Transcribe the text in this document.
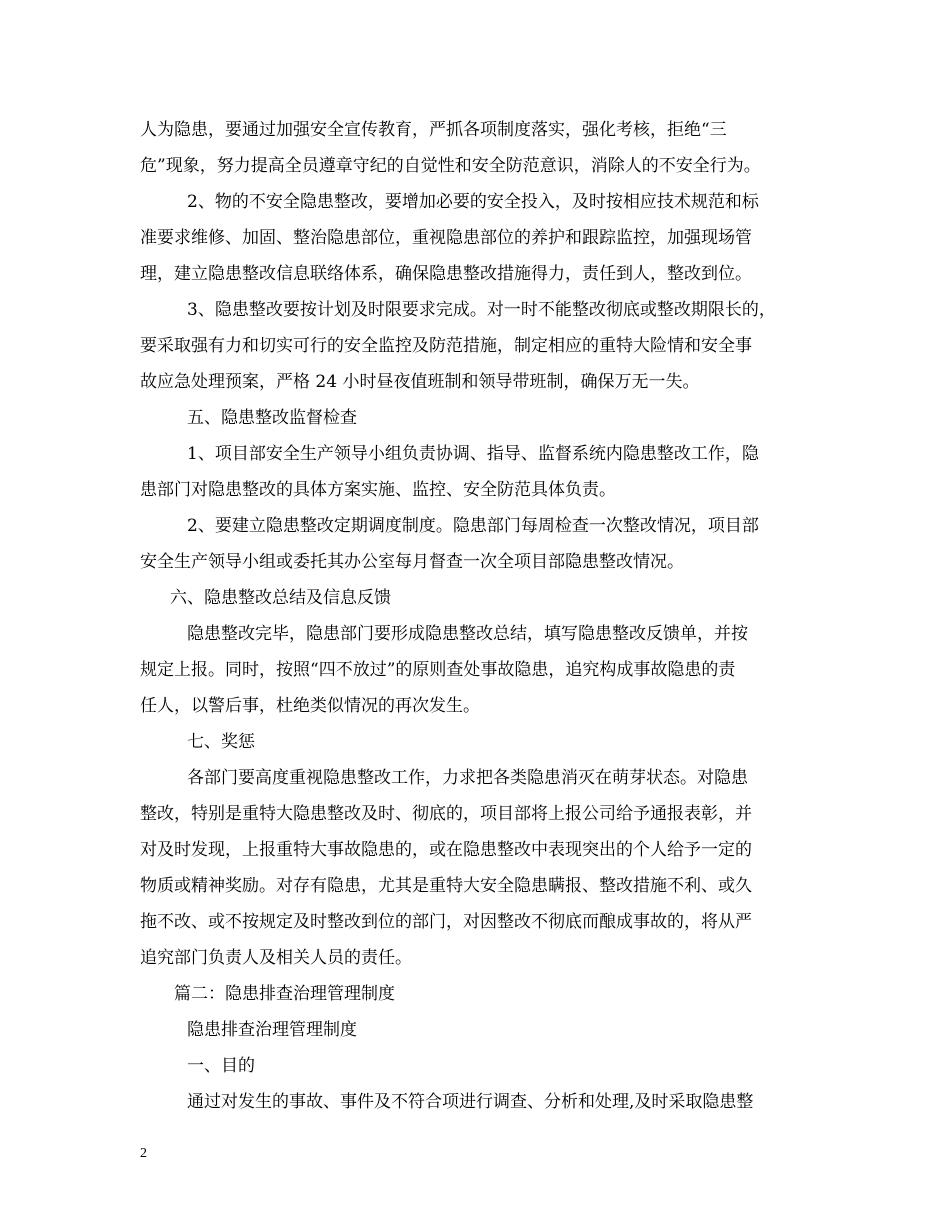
人为隐患，要通过加强安全宣传教育，严抓各项制度落实，强化考核，拒绝“三
危”现象，努力提高全员遵章守纪的自觉性和安全防范意识，消除人的不安全行为。
2、物的不安全隐患整改，要增加必要的安全投入，及时按相应技术规范和标
准要求维修、加固、整治隐患部位，重视隐患部位的养护和跟踪监控，加强现场管
理，建立隐患整改信息联络体系，确保隐患整改措施得力，责任到人，整改到位。
3、隐患整改要按计划及时限要求完成。对一时不能整改彻底或整改期限长的，
要采取强有力和切实可行的安全监控及防范措施，制定相应的重特大险情和安全事
故应急处理预案，严格 24 小时昼夜值班制和领导带班制，确保万无一失。
五、隐患整改监督检查
1、项目部安全生产领导小组负责协调、指导、监督系统内隐患整改工作，隐
患部门对隐患整改的具体方案实施、监控、安全防范具体负责。
2、要建立隐患整改定期调度制度。隐患部门每周检查一次整改情况，项目部
安全生产领导小组或委托其办公室每月督查一次全项目部隐患整改情况。
六、隐患整改总结及信息反馈
隐患整改完毕，隐患部门要形成隐患整改总结，填写隐患整改反馈单，并按
规定上报。同时，按照“四不放过”的原则查处事故隐患，追究构成事故隐患的责
任人，以警后事，杜绝类似情况的再次发生。
七、奖惩
各部门要高度重视隐患整改工作，力求把各类隐患消灭在萌芽状态。对隐患
整改，特别是重特大隐患整改及时、彻底的，项目部将上报公司给予通报表彰，并
对及时发现，上报重特大事故隐患的，或在隐患整改中表现突出的个人给予一定的
物质或精神奖励。对存有隐患，尤其是重特大安全隐患瞒报、整改措施不利、或久
拖不改、或不按规定及时整改到位的部门，对因整改不彻底而酿成事故的，将从严
追究部门负责人及相关人员的责任。
篇二：隐患排查治理管理制度
隐患排查治理管理制度
一、目的
通过对发生的事故、事件及不符合项进行调查、分析和处理,及时采取隐患整
2
